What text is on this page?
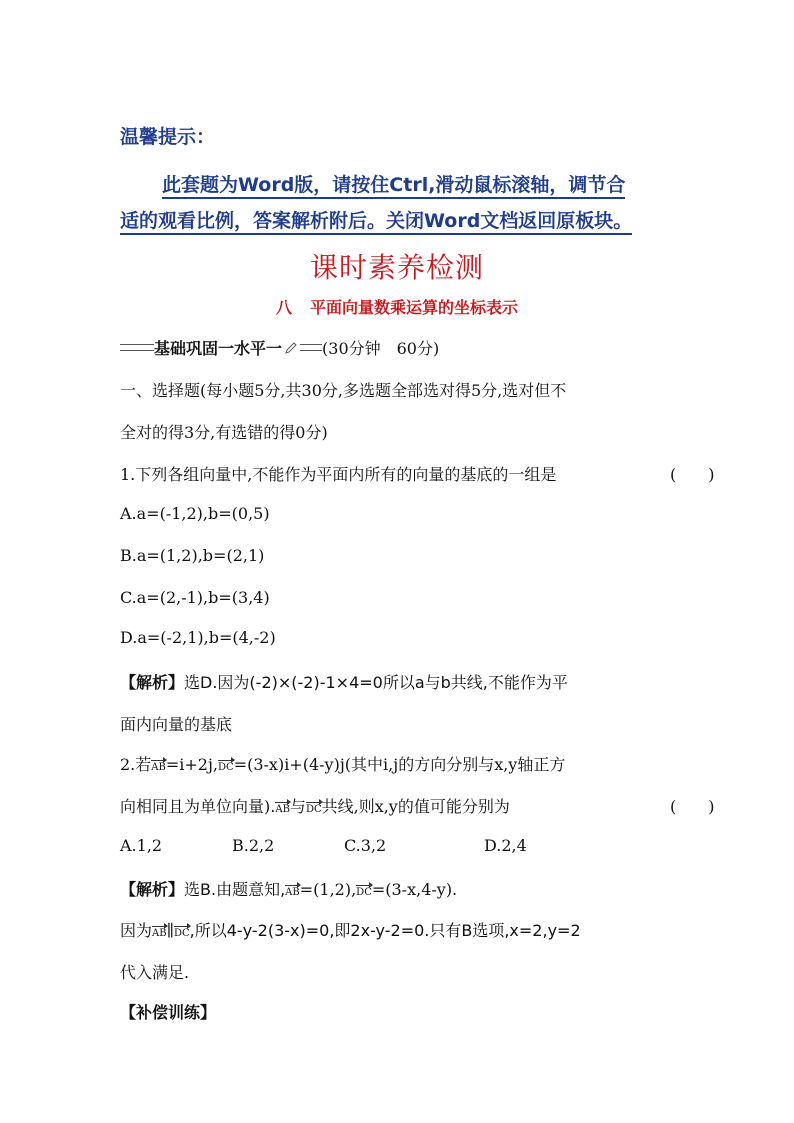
温馨提示：
此套题为Word版，请按住Ctrl,滑动鼠标滚轴，调节合
适的观看比例，答案解析附后。关闭Word文档返回原板块。
课时素养检测
八 平面向量数乘运算的坐标表示
基础巩固一水平一	(30分钟　60分)
一、选择题(每小题5分,共30分,多选题全部选对得5分,选对但不
全对的得3分,有选错的得0分)
1.下列各组向量中,不能作为平面内所有的向量的基底的一组是	(　　)
A.a=(-1,2),b=(0,5)
B.a=(1,2),b=(2,1)
C.a=(2,-1),b=(3,4)
D.a=(-2,1),b=(4,-2)
【解析】选D.因为(-2)×(-2)-1×4=0所以a与b共线,不能作为平
面内向量的基底
2.若AB=i+2j,DC=(3-x)i+(4-y)j(其中i,j的方向分别与x,y轴正方
向相同且为单位向量).AB与DC共线,则x,y的值可能分别为	(　　)
A.1,2	B.2,2	C.3,2	D.2,4
【解析】选B.由题意知,AB=(1,2),DC=(3-x,4-y).
因为AB∥DC,所以4-y-2(3-x)=0,即2x-y-2=0.只有B选项,x=2,y=2
代入满足.
【补偿训练】
